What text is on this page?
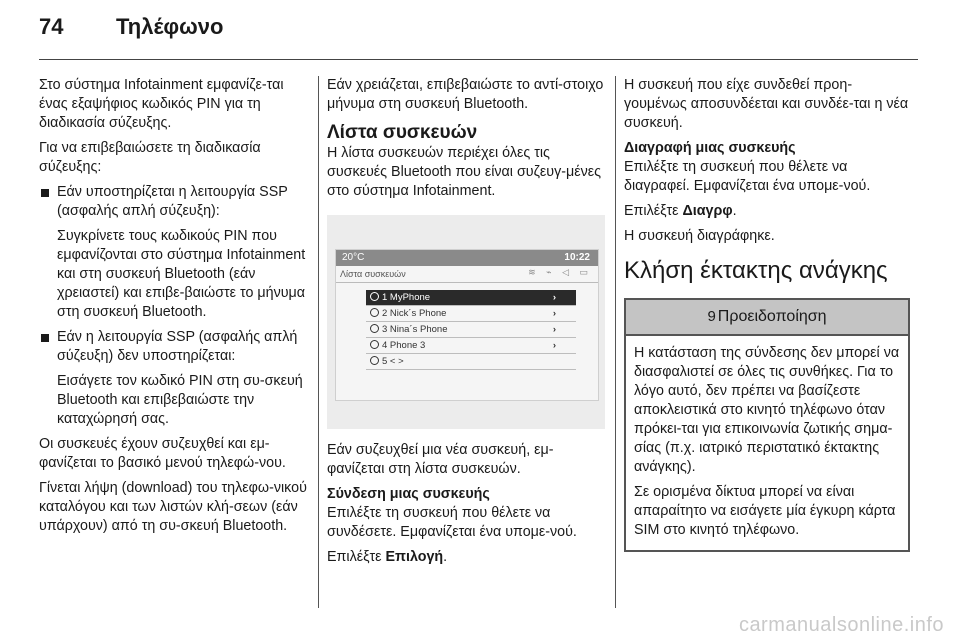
74 Τηλέφωνο

Στο σύστημα Infotainment εμφανίζε-ται ένας εξαψήφιος κωδικός PIN για τη διαδικασία σύζευξης.

Για να επιβεβαιώσετε τη διαδικασία σύζευξης:

Εάν υποστηρίζεται η λειτουργία SSP (ασφαλής απλή σύζευξη):

Συγκρίνετε τους κωδικούς PIN που εμφανίζονται στο σύστημα Infotainment και στη συσκευή Bluetooth (εάν χρειαστεί) και επιβε-βαιώστε το μήνυμα στη συσκευή Bluetooth.

Εάν η λειτουργία SSP (ασφαλής απλή σύζευξη) δεν υποστηρίζεται:

Εισάγετε τον κωδικό PIN στη συ-σκευή Bluetooth και επιβεβαιώστε την καταχώρησή σας.

Οι συσκευές έχουν συζευχθεί και εμ-φανίζεται το βασικό μενού τηλεφώ-νου.

Γίνεται λήψη (download) του τηλεφω-νικού καταλόγου και των λιστών κλή-σεων (εάν υπάρχουν) από τη συ-σκευή Bluetooth.

Εάν χρειάζεται, επιβεβαιώστε το αντί-στοιχο μήνυμα στη συσκευή Bluetooth.

Λίστα συσκευών

Η λίστα συσκευών περιέχει όλες τις συσκευές Bluetooth που είναι συζευγ-μένες στο σύστημα Infotainment.

20°C	10:22
Λίστα συσκευών	≋ ⌁ ◁ ▭
1 MyPhone
›
2 Nick´s Phone
›
3 Nina´s Phone
›
4 Phone 3
›
5 < >

Εάν συζευχθεί μια νέα συσκευή, εμ-φανίζεται στη λίστα συσκευών.

Σύνδεση μιας συσκευής

Επιλέξτε τη συσκευή που θέλετε να συνδέσετε. Εμφανίζεται ένα υπομε-νού.

Επιλέξτε Επιλογή.

Η συσκευή που είχε συνδεθεί προη-γουμένως αποσυνδέεται και συνδέε-ται η νέα συσκευή.

Διαγραφή μιας συσκευής

Επιλέξτε τη συσκευή που θέλετε να διαγραφεί. Εμφανίζεται ένα υπομε-νού.

Επιλέξτε Διαγρφ.

Η συσκευή διαγράφηκε.

Κλήση έκτακτης ανάγκης
9 Προειδοποίηση

Η κατάσταση της σύνδεσης δεν μπορεί να διασφαλιστεί σε όλες τις συνθήκες. Για το λόγο αυτό, δεν πρέπει να βασίζεστε αποκλειστικά στο κινητό τηλέφωνο όταν πρόκει-ται για επικοινωνία ζωτικής σημα-σίας (π.χ. ιατρικό περιστατικό έκτακτης ανάγκης).

Σε ορισμένα δίκτυα μπορεί να είναι απαραίτητο να εισάγετε μία έγκυρη κάρτα SIM στο κινητό τηλέφωνο.

carmanualsonline.info
